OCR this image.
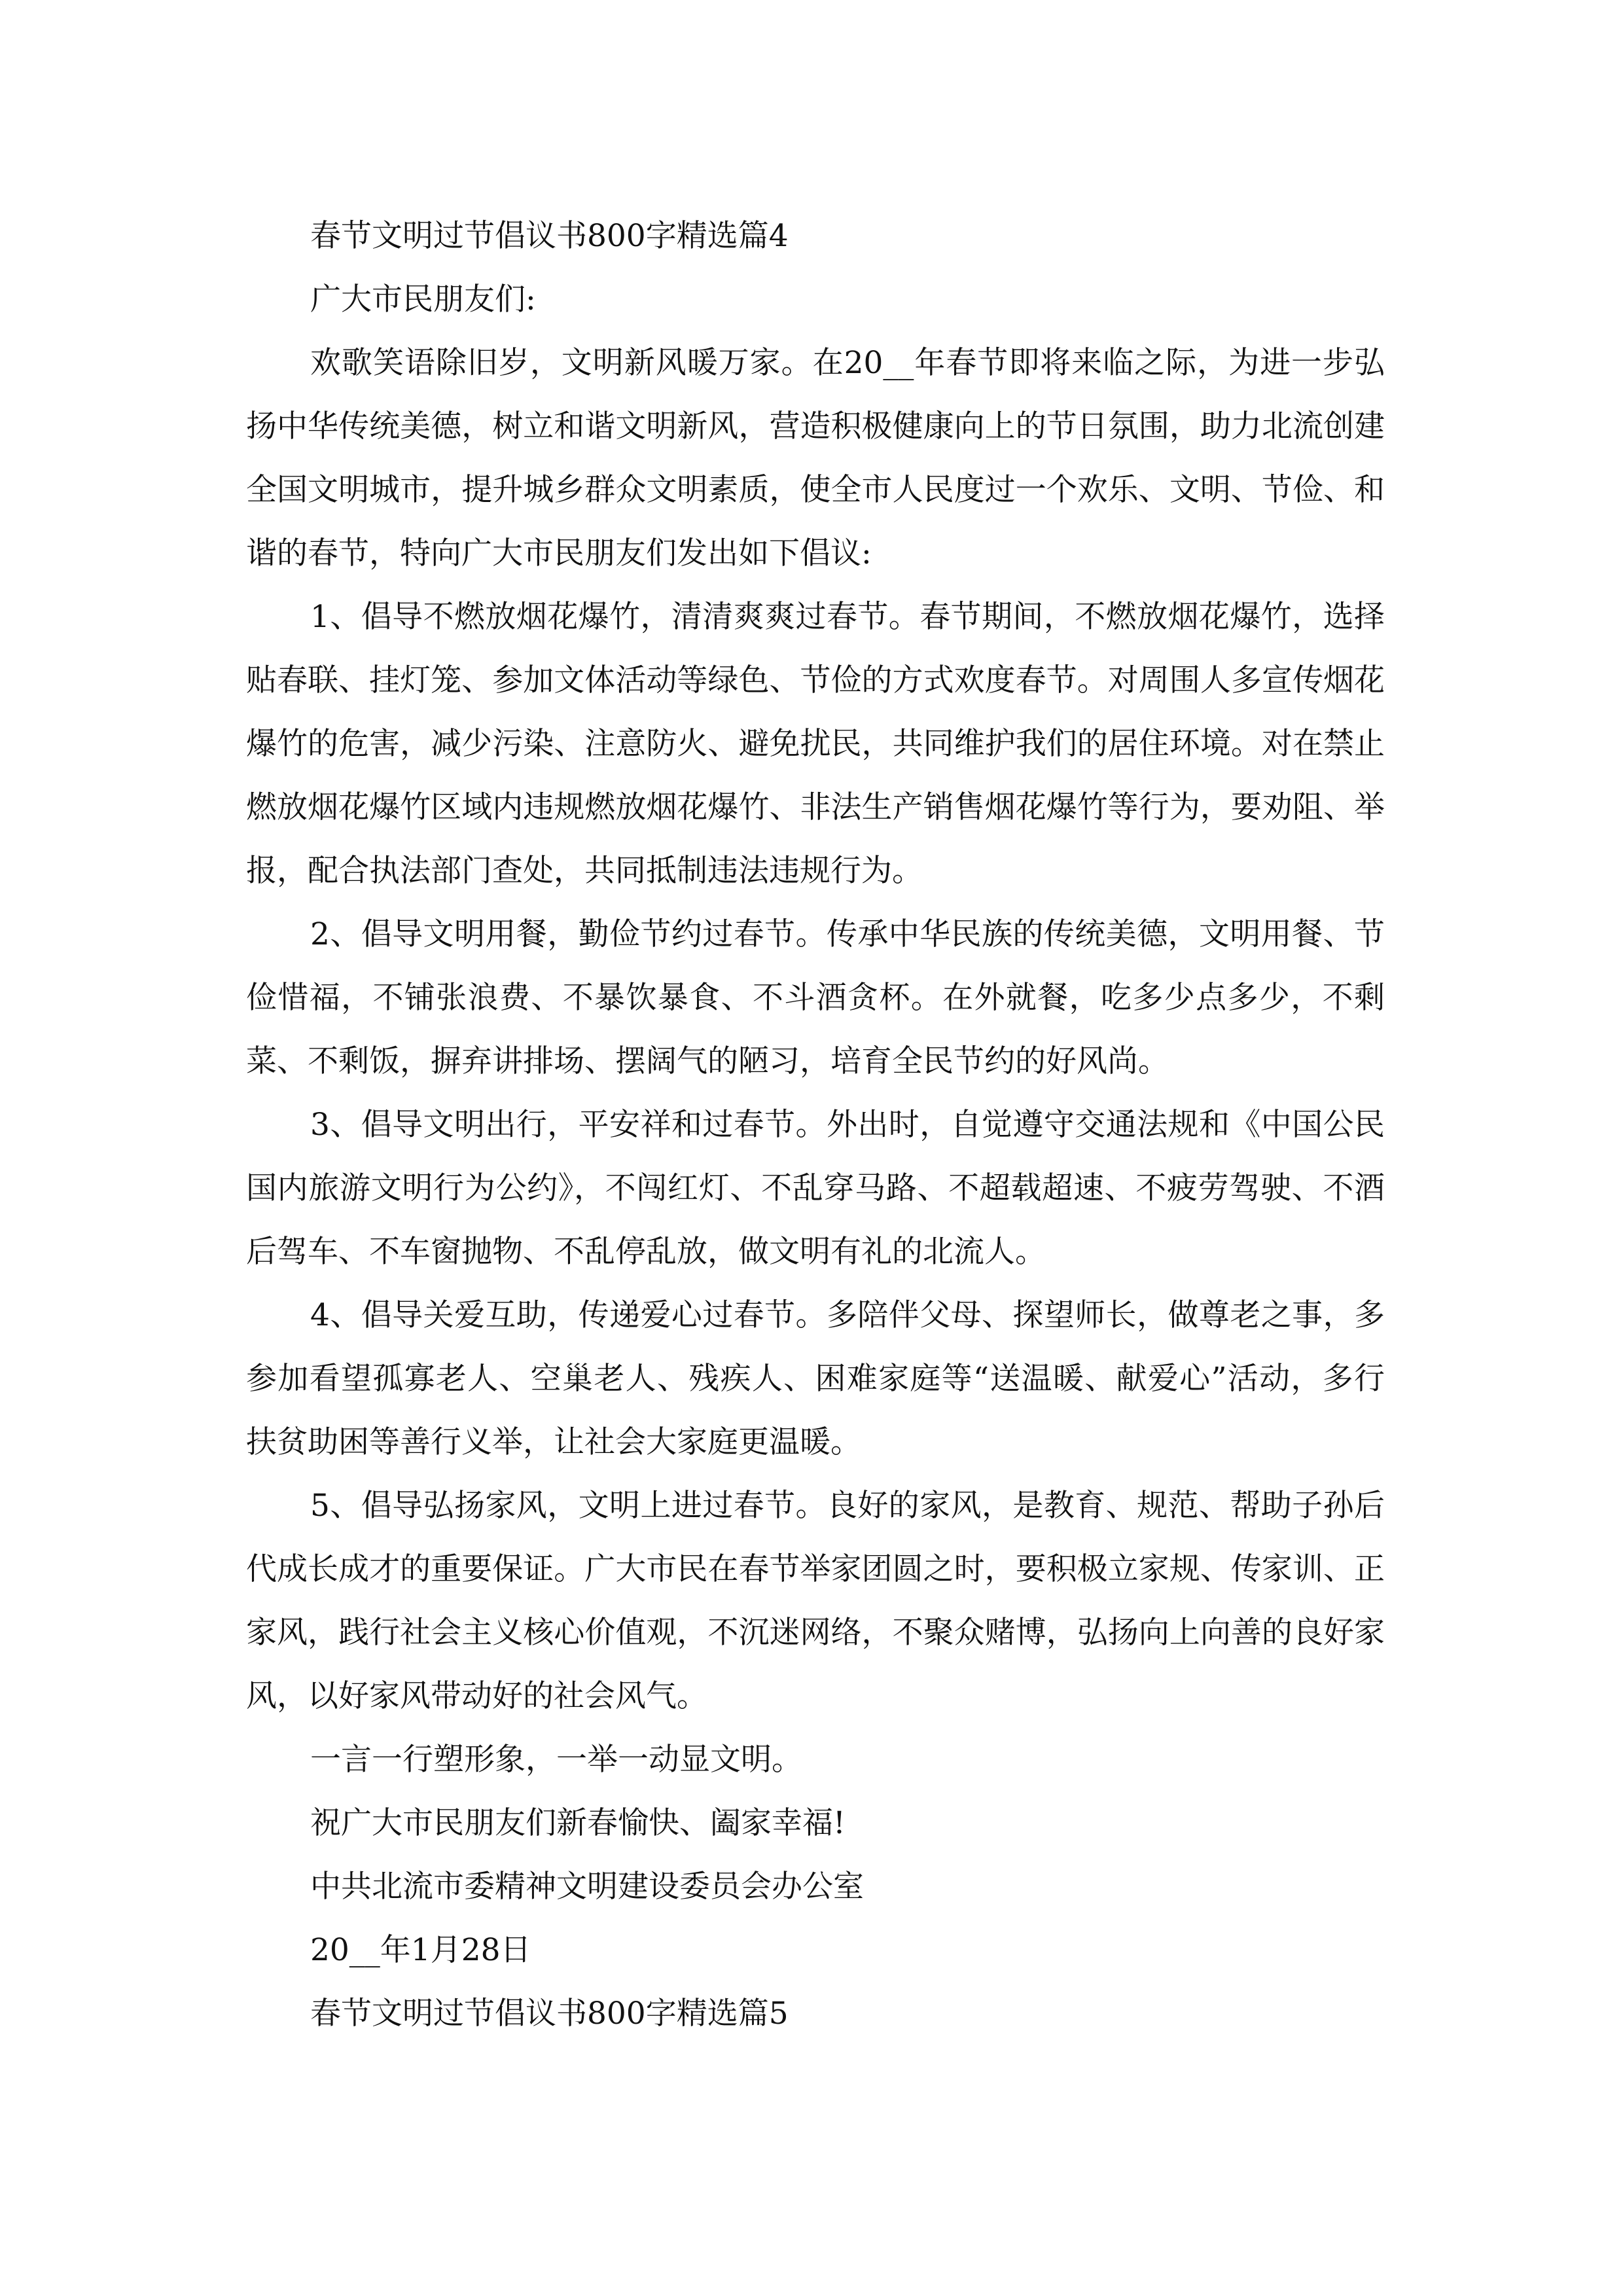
春节文明过节倡议书800字精选篇4

广大市民朋友们:

欢歌笑语除旧岁，文明新风暖万家。在20__年春节即将来临之际，为进一步弘扬中华传统美德，树立和谐文明新风，营造积极健康向上的节日氛围，助力北流创建全国文明城市，提升城乡群众文明素质，使全市人民度过一个欢乐、文明、节俭、和谐的春节，特向广大市民朋友们发出如下倡议:

1、倡导不燃放烟花爆竹，清清爽爽过春节。春节期间，不燃放烟花爆竹，选择贴春联、挂灯笼、参加文体活动等绿色、节俭的方式欢度春节。对周围人多宣传烟花爆竹的危害，减少污染、注意防火、避免扰民，共同维护我们的居住环境。对在禁止燃放烟花爆竹区域内违规燃放烟花爆竹、非法生产销售烟花爆竹等行为，要劝阻、举报，配合执法部门查处，共同抵制违法违规行为。

2、倡导文明用餐，勤俭节约过春节。传承中华民族的传统美德，文明用餐、节俭惜福，不铺张浪费、不暴饮暴食、不斗酒贪杯。在外就餐，吃多少点多少，不剩菜、不剩饭，摒弃讲排场、摆阔气的陋习，培育全民节约的好风尚。

3、倡导文明出行，平安祥和过春节。外出时，自觉遵守交通法规和《中国公民国内旅游文明行为公约》，不闯红灯、不乱穿马路、不超载超速、不疲劳驾驶、不酒后驾车、不车窗抛物、不乱停乱放，做文明有礼的北流人。

4、倡导关爱互助，传递爱心过春节。多陪伴父母、探望师长，做尊老之事，多参加看望孤寡老人、空巢老人、残疾人、困难家庭等“送温暖、献爱心”活动，多行扶贫助困等善行义举，让社会大家庭更温暖。

5、倡导弘扬家风，文明上进过春节。良好的家风，是教育、规范、帮助子孙后代成长成才的重要保证。广大市民在春节举家团圆之时，要积极立家规、传家训、正家风，践行社会主义核心价值观，不沉迷网络，不聚众赌博，弘扬向上向善的良好家风，以好家风带动好的社会风气。

一言一行塑形象，一举一动显文明。

祝广大市民朋友们新春愉快、阖家幸福!

中共北流市委精神文明建设委员会办公室

20__年1月28日

春节文明过节倡议书800字精选篇5
